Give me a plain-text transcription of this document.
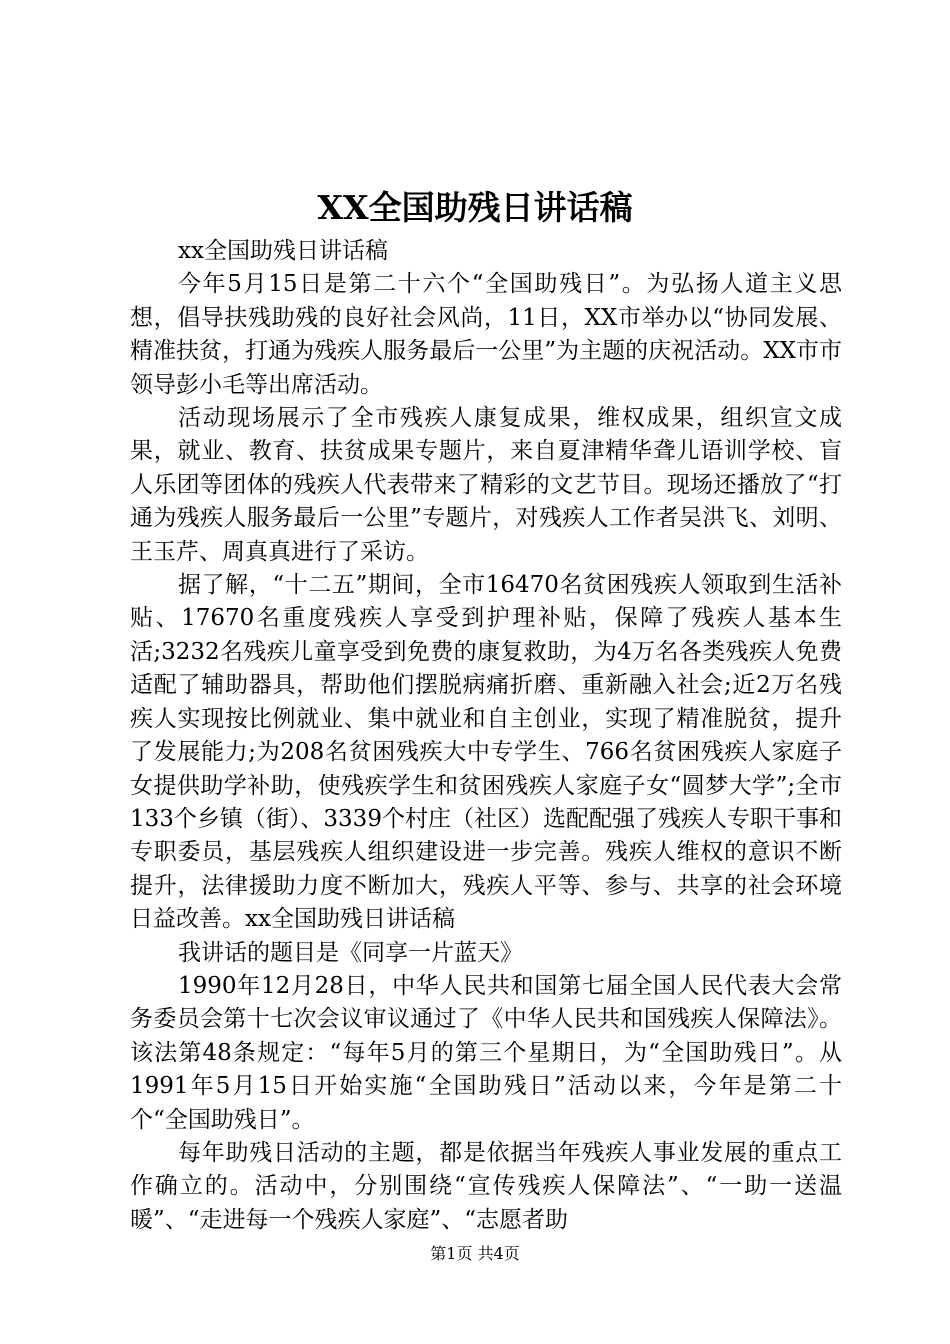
XX全国助残日讲话稿

xx全国助残日讲话稿

今年5月15日是第二十六个“全国助残日”。为弘扬人道主义思想，倡导扶残助残的良好社会风尚，11日，XX市举办以“协同发展、精准扶贫，打通为残疾人服务最后一公里”为主题的庆祝活动。XX市市领导彭小毛等出席活动。

活动现场展示了全市残疾人康复成果，维权成果，组织宣文成果，就业、教育、扶贫成果专题片，来自夏津精华聋儿语训学校、盲人乐团等团体的残疾人代表带来了精彩的文艺节目。现场还播放了“打通为残疾人服务最后一公里”专题片，对残疾人工作者吴洪飞、刘明、王玉芹、周真真进行了采访。

据了解，“十二五”期间，全市16470名贫困残疾人领取到生活补贴、17670名重度残疾人享受到护理补贴，保障了残疾人基本生活;3232名残疾儿童享受到免费的康复救助，为4万名各类残疾人免费适配了辅助器具，帮助他们摆脱病痛折磨、重新融入社会;近2万名残疾人实现按比例就业、集中就业和自主创业，实现了精准脱贫，提升了发展能力;为208名贫困残疾大中专学生、766名贫困残疾人家庭子女提供助学补助，使残疾学生和贫困残疾人家庭子女“圆梦大学”;全市133个乡镇（街）、3339个村庄（社区）选配配强了残疾人专职干事和专职委员，基层残疾人组织建设进一步完善。残疾人维权的意识不断提升，法律援助力度不断加大，残疾人平等、参与、共享的社会环境日益改善。xx全国助残日讲话稿

我讲话的题目是《同享一片蓝天》

1990年12月28日，中华人民共和国第七届全国人民代表大会常务委员会第十七次会议审议通过了《中华人民共和国残疾人保障法》。该法第48条规定：“每年5月的第三个星期日，为“全国助残日”。从1991年5月15日开始实施“全国助残日”活动以来，今年是第二十个“全国助残日”。

每年助残日活动的主题，都是依据当年残疾人事业发展的重点工作确立的。活动中，分别围绕“宣传残疾人保障法”、“一助一送温暖”、“走进每一个残疾人家庭”、“志愿者助

第1页 共4页
